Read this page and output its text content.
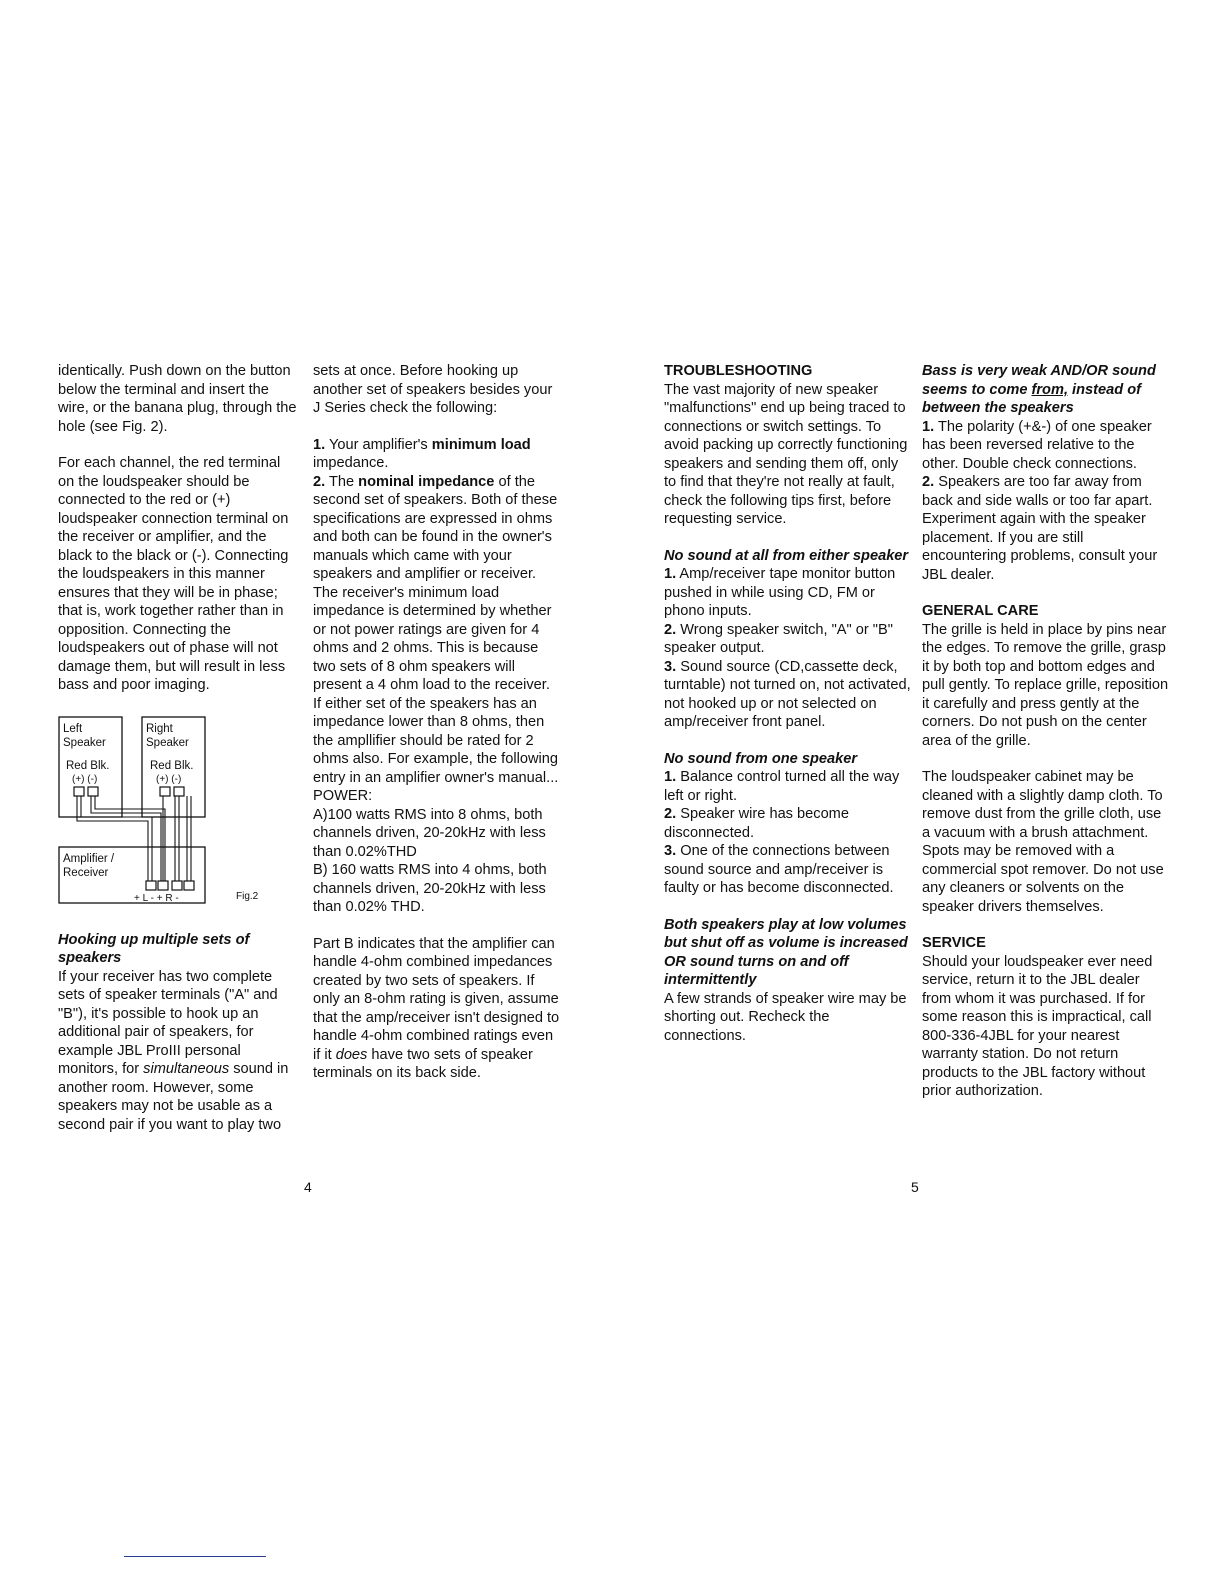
identically. Push down on the button below the terminal and insert the wire, or the banana plug, through the hole (see Fig. 2).

For each channel, the red terminal on the loudspeaker should be connected to the red or (+) loudspeaker connection terminal on the receiver or amplifier, and the black to the black or (-). Connecting the loudspeakers in this manner ensures that they will be in phase; that is, work together rather than in opposition. Connecting the loudspeakers out of phase will not damage them, but will result in less bass and poor imaging.

Left
Speaker
Red Blk.
(+) (-)
Right
Speaker
Red Blk.
(+) (-)
Amplifier /
Receiver
+ L - + R -	Fig.2

Hooking up multiple sets of speakers

If your receiver has two complete sets of speaker terminals ("A" and "B"), it's possible to hook up an additional pair of speakers, for example JBL ProIII personal monitors, for simultaneous sound in another room. However, some speakers may not be usable as a second pair if you want to play two

sets at once. Before hooking up another set of speakers besides your J Series check the following:

1. Your amplifier's minimum load impedance.

2. The nominal impedance of the second set of speakers. Both of these specifications are expressed in ohms and both can be found in the owner's manuals which came with your speakers and amplifier or receiver. The receiver's minimum load impedance is determined by whether or not power ratings are given for 4 ohms and 2 ohms. This is because two sets of 8 ohm speakers will present a 4 ohm load to the receiver. If either set of the speakers has an impedance lower than 8 ohms, then the ampllifier should be rated for 2 ohms also. For example, the following entry in an amplifier owner's manual...

POWER:

A)100 watts RMS into 8 ohms, both channels driven, 20-20kHz with less than 0.02%THD

B) 160 watts RMS into 4 ohms, both channels driven, 20-20kHz with less than 0.02% THD.

Part B indicates that the amplifier can handle 4-ohm combined impedances created by two sets of speakers. If only an 8-ohm rating is given, assume that the amp/receiver isn't designed to handle 4-ohm combined ratings even if it does have two sets of speaker terminals on its back side.

TROUBLESHOOTING

The vast majority of new speaker "malfunctions" end up being traced to connections or switch settings. To avoid packing up correctly functioning speakers and sending them off, only to find that they're not really at fault, check the following tips first, before requesting service.

No sound at all from either speaker

1. Amp/receiver tape monitor button pushed in while using CD, FM or phono inputs.

2. Wrong speaker switch, "A" or "B" speaker output.

3. Sound source (CD,cassette deck, turntable) not turned on, not activated, not hooked up or not selected on amp/receiver front panel.

No sound from one speaker

1. Balance control turned all the way left or right.

2. Speaker wire has become disconnected.

3. One of the connections between sound source and amp/receiver is faulty or has become disconnected.

Both speakers play at low volumes but shut off as volume is increased OR sound turns on and off intermittently

A few strands of speaker wire may be shorting out. Recheck the connections.

Bass is very weak AND/OR sound seems to come from, instead of between the speakers

1. The polarity (+&-) of one speaker has been reversed relative to the other. Double check connections.

2. Speakers are too far away from back and side walls or too far apart. Experiment again with the speaker placement. If you are still encountering problems, consult your JBL dealer.

GENERAL CARE

The grille is held in place by pins near the edges. To remove the grille, grasp it by both top and bottom edges and pull gently. To replace grille, reposition it carefully and press gently at the corners. Do not push on the center area of the grille.

The loudspeaker cabinet may be cleaned with a slightly damp cloth. To remove dust from the grille cloth, use a vacuum with a brush attachment. Spots may be removed with a commercial spot remover. Do not use any cleaners or solvents on the speaker drivers themselves.

SERVICE

Should your loudspeaker ever need service, return it to the JBL dealer from whom it was purchased. If for some reason this is impractical, call 800-336-4JBL for your nearest warranty station. Do not return products to the JBL factory without prior authorization.

4	5
